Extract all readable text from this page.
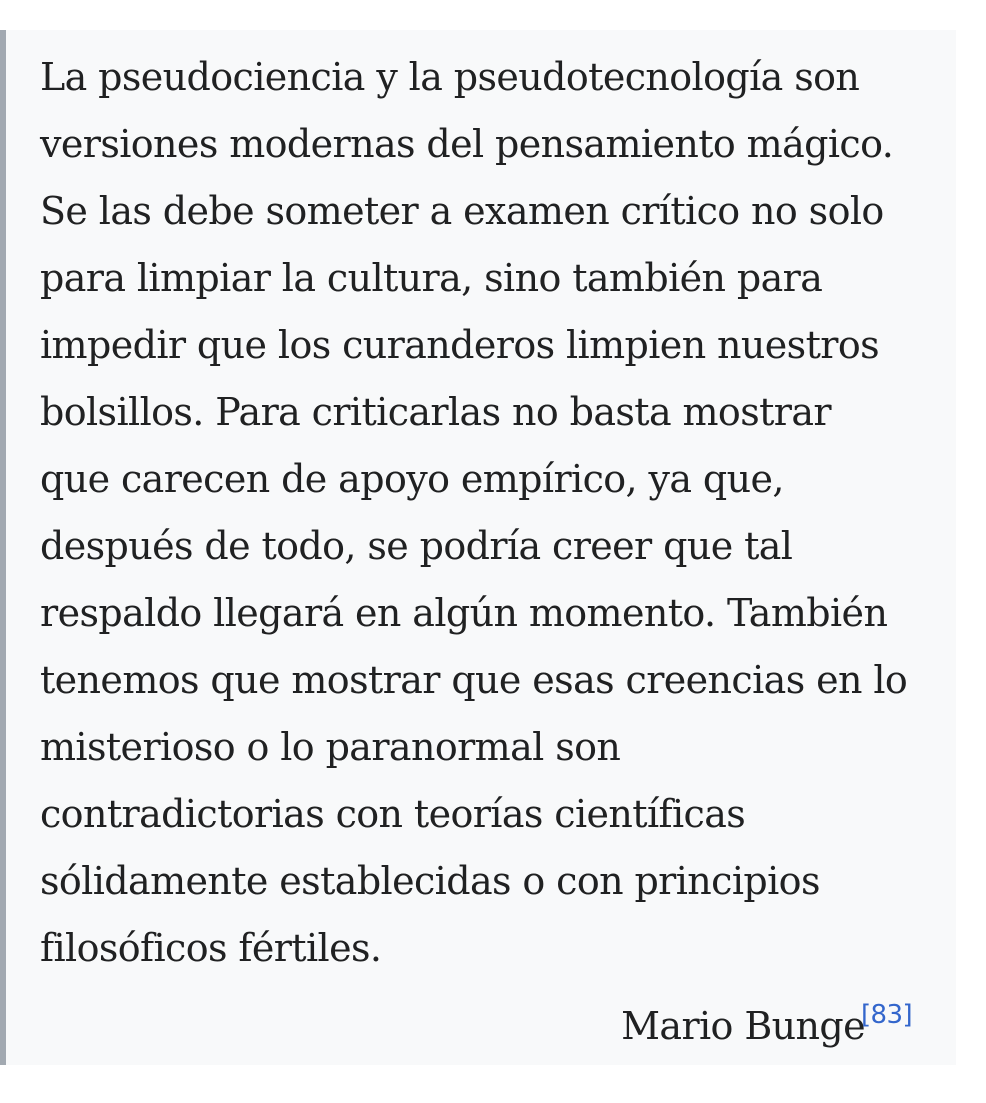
La pseudociencia y la pseudotecnología son
versiones modernas del pensamiento mágico.
Se las debe someter a examen crítico no solo
para limpiar la cultura, sino también para
impedir que los curanderos limpien nuestros
bolsillos. Para criticarlas no basta mostrar
que carecen de apoyo empírico, ya que,
después de todo, se podría creer que tal
respaldo llegará en algún momento. También
tenemos que mostrar que esas creencias en lo
misterioso o lo paranormal son
contradictorias con teorías científicas
sólidamente establecidas o con principios
filosóficos fértiles.

Mario Bunge[83]
